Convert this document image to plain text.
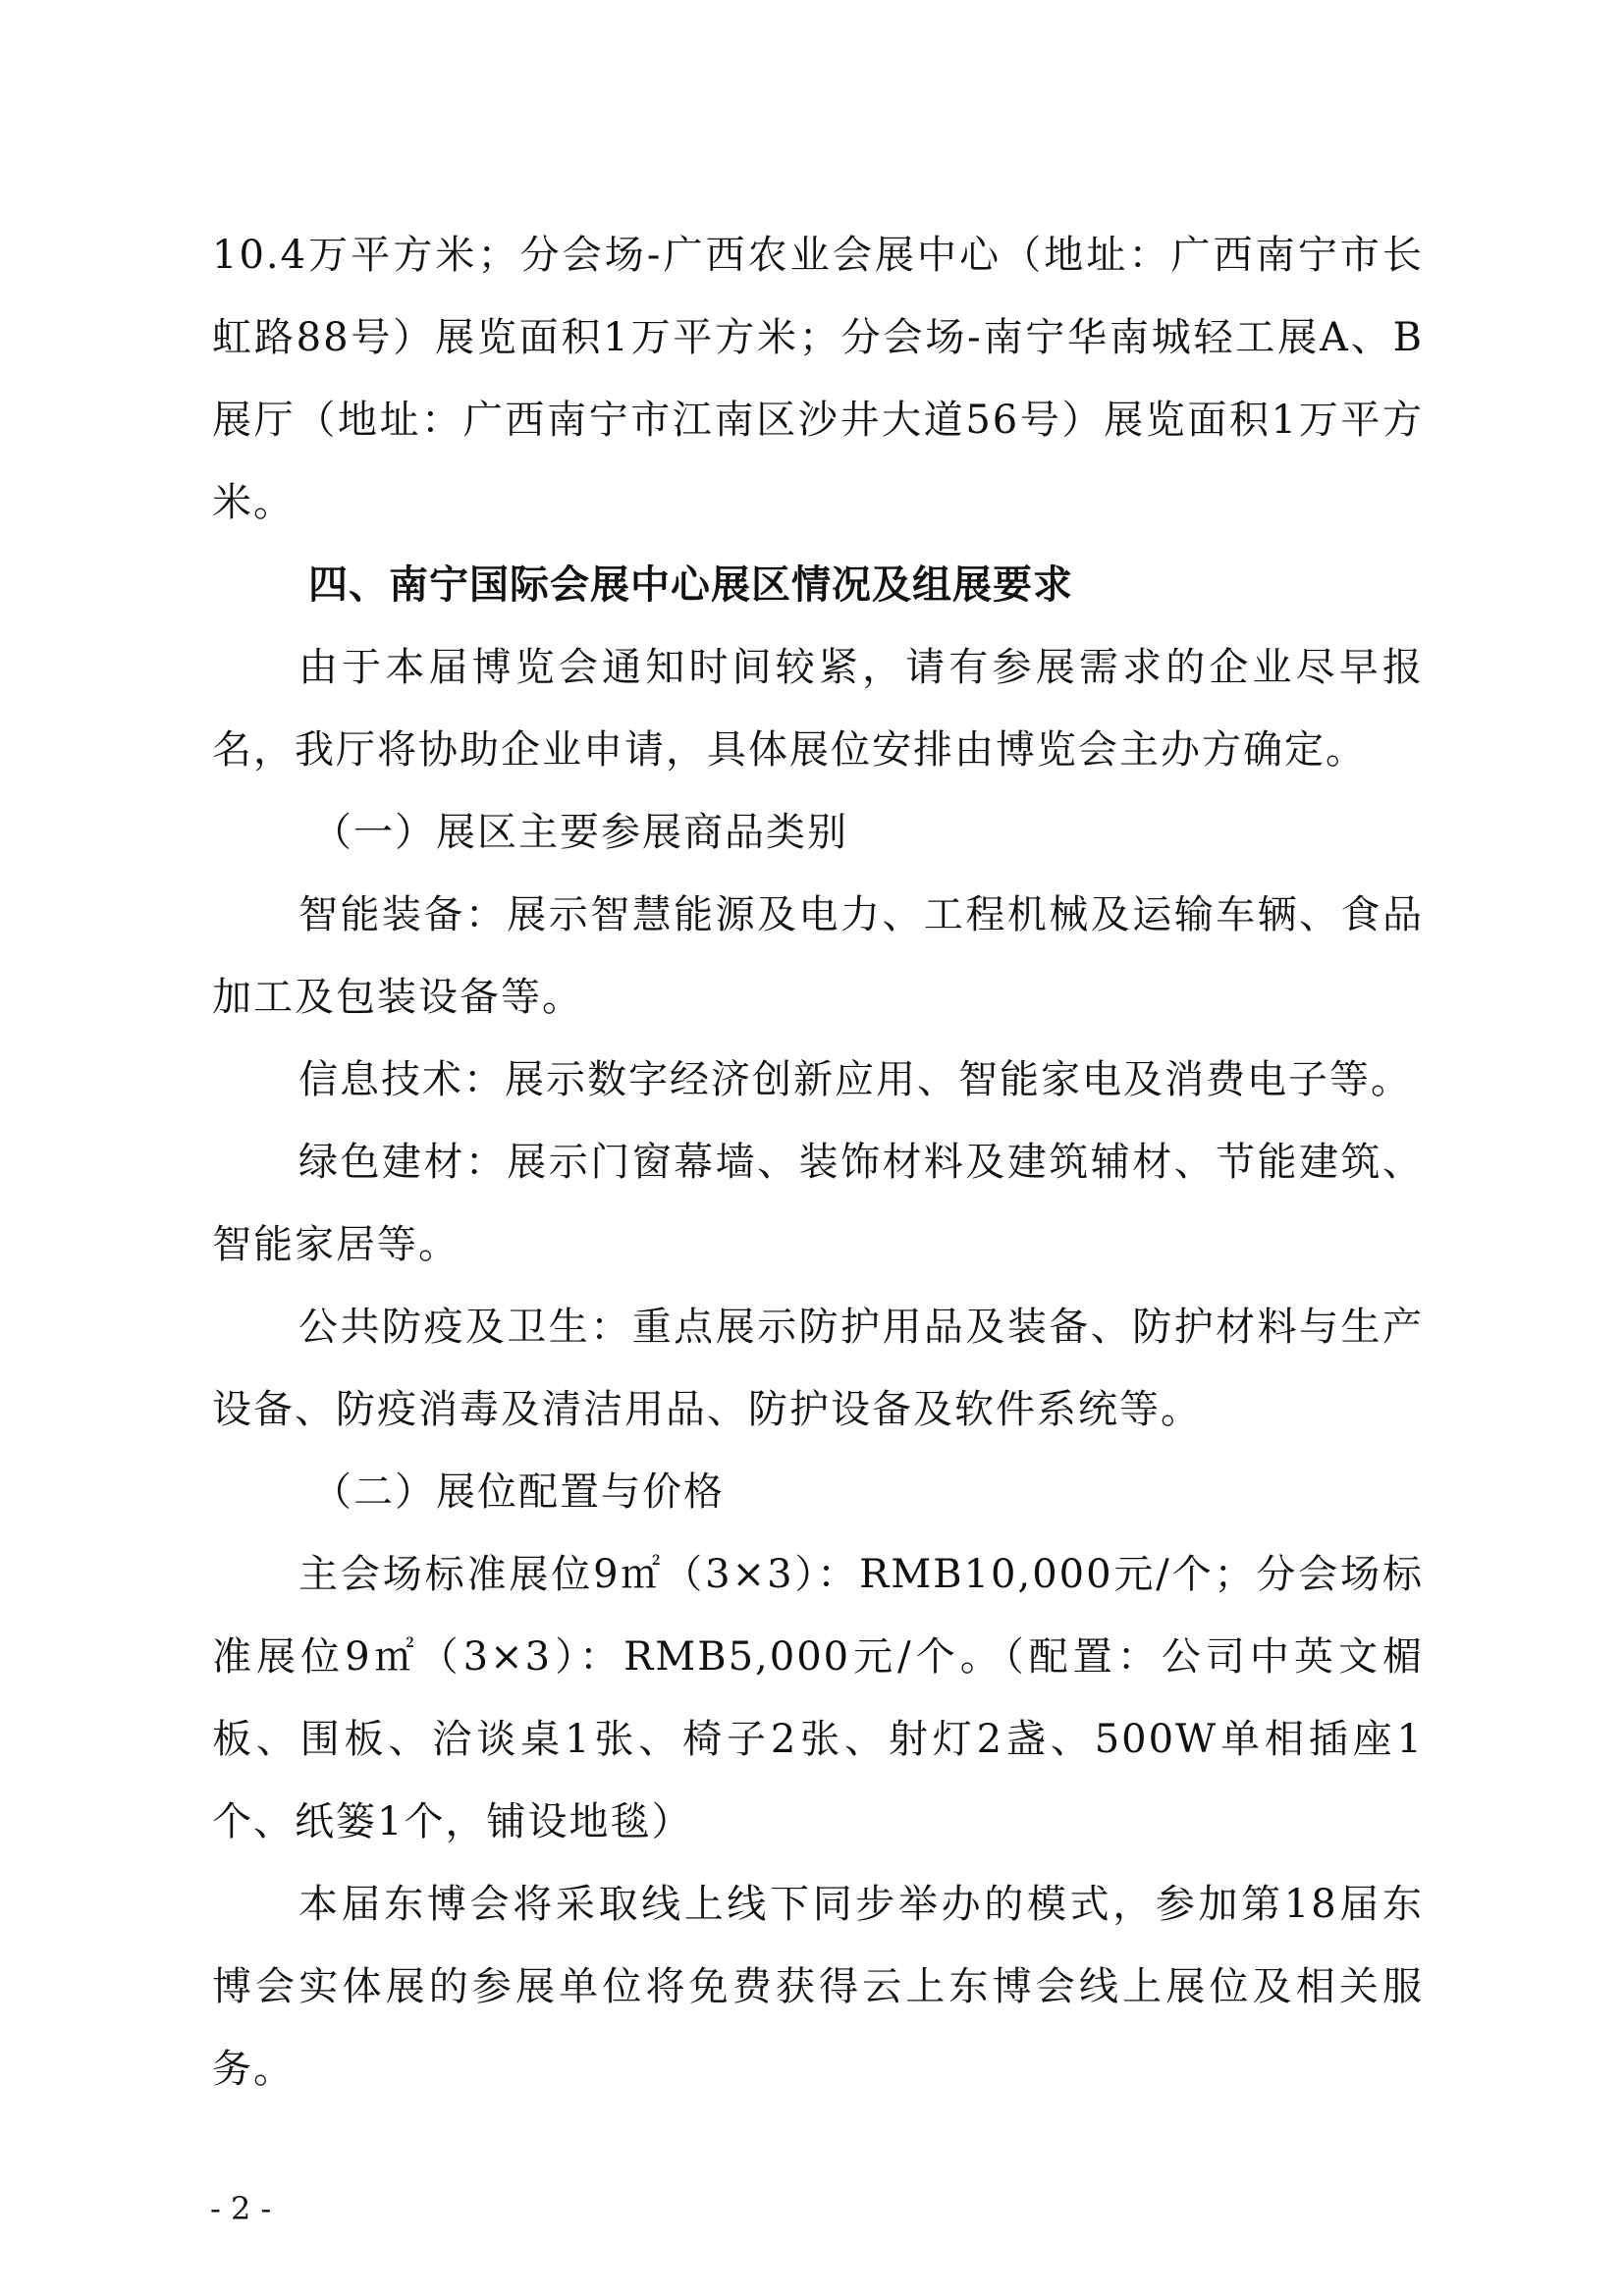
10.4万平方米；分会场-广西农业会展中心（地址：广西南宁市长虹路88号）展览面积1万平方米；分会场-南宁华南城轻工展A、B展厅（地址：广西南宁市江南区沙井大道56号）展览面积1万平方米。

四、南宁国际会展中心展区情况及组展要求

由于本届博览会通知时间较紧，请有参展需求的企业尽早报名，我厅将协助企业申请，具体展位安排由博览会主办方确定。

（一）展区主要参展商品类别

智能装备：展示智慧能源及电力、工程机械及运输车辆、食品加工及包装设备等。

信息技术：展示数字经济创新应用、智能家电及消费电子等。

绿色建材：展示门窗幕墙、装饰材料及建筑辅材、节能建筑、智能家居等。

公共防疫及卫生：重点展示防护用品及装备、防护材料与生产设备、防疫消毒及清洁用品、防护设备及软件系统等。

（二）展位配置与价格

主会场标准展位9㎡（3×3）：RMB10,000元/个；分会场标准展位9㎡（3×3）：RMB5,000元/个。（配置：公司中英文楣板、围板、洽谈桌1张、椅子2张、射灯2盏、500W单相插座1个、纸篓1个，铺设地毯）

本届东博会将采取线上线下同步举办的模式，参加第18届东博会实体展的参展单位将免费获得云上东博会线上展位及相关服务。

- 2 -
